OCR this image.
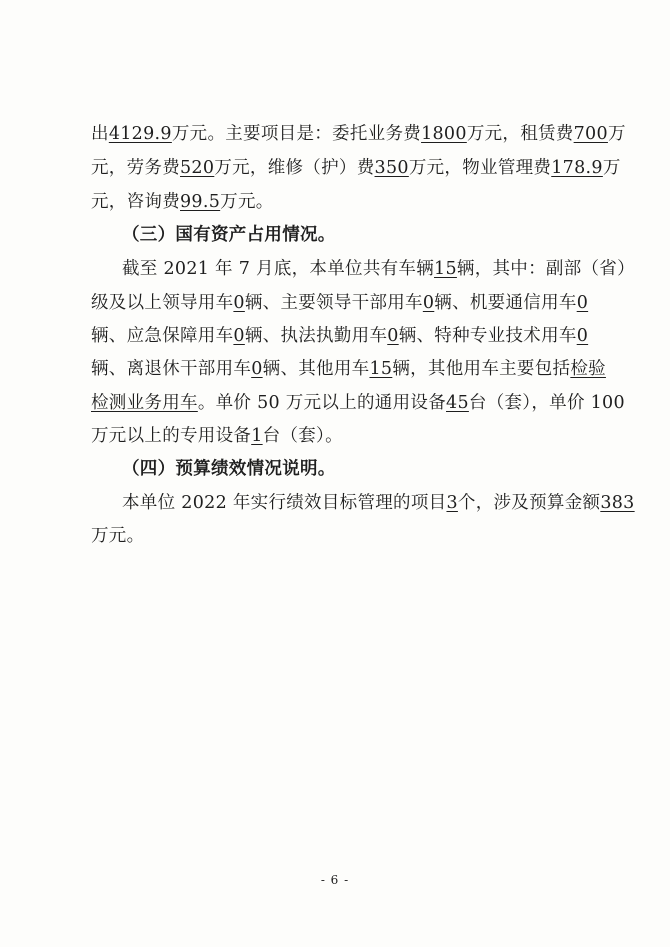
出4129.9万元。主要项目是：委托业务费1800万元，租赁费700万
元，劳务费520万元，维修（护）费350万元，物业管理费178.9万
元，咨询费99.5万元。
（三）国有资产占用情况。
截至 2021 年 7 月底，本单位共有车辆15辆，其中：副部（省）
级及以上领导用车0辆、主要领导干部用车0辆、机要通信用车0
辆、应急保障用车0辆、执法执勤用车0辆、特种专业技术用车0
辆、离退休干部用车0辆、其他用车15辆，其他用车主要包括检验
检测业务用车。单价 50 万元以上的通用设备45台（套），单价 100
万元以上的专用设备1台（套）。
（四）预算绩效情况说明。
本单位 2022 年实行绩效目标管理的项目3个，涉及预算金额383
万元。
- 6 -
